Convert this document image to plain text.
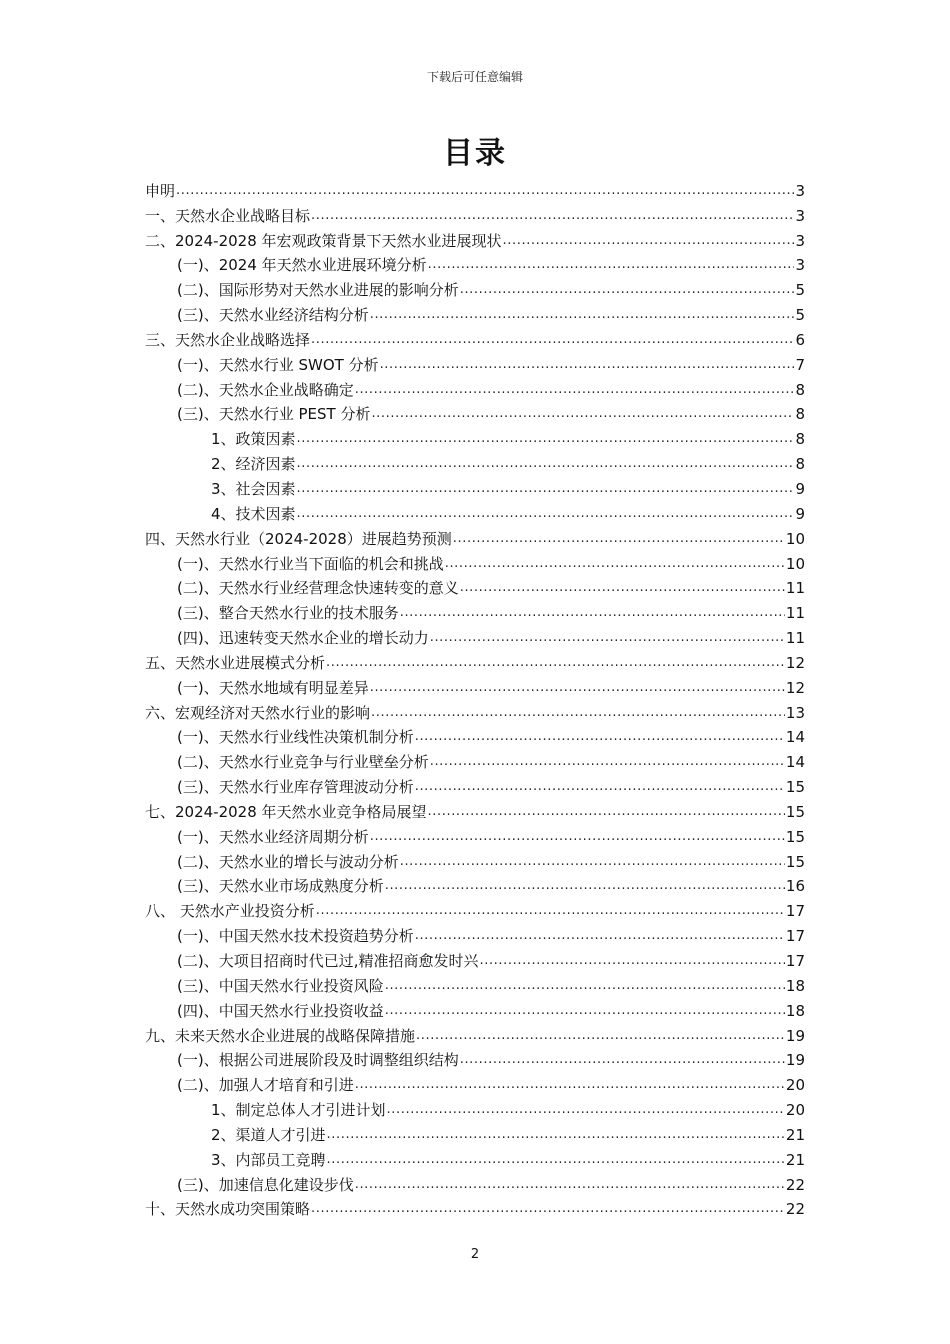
下载后可任意编辑
目录
申明 .....	3
一、天然水企业战略目标 .....	3
二、2024-2028 年宏观政策背景下天然水业进展现状 .....	3
(一)、2024 年天然水业进展环境分析 .....	3
(二)、国际形势对天然水业进展的影响分析 .....	5
(三)、天然水业经济结构分析 .....	5
三、天然水企业战略选择 .....	6
(一)、天然水行业 SWOT 分析 .....	7
(二)、天然水企业战略确定 .....	8
(三)、天然水行业 PEST 分析 .....	8
1、政策因素 .....	8
2、经济因素 .....	8
3、社会因素 .....	9
4、技术因素 .....	9
四、天然水行业（2024-2028）进展趋势预测 .....	10
(一)、天然水行业当下面临的机会和挑战 .....	10
(二)、天然水行业经营理念快速转变的意义 .....	11
(三)、整合天然水行业的技术服务 .....	11
(四)、迅速转变天然水企业的增长动力 .....	11
五、天然水业进展模式分析 .....	12
(一)、天然水地域有明显差异 .....	12
六、宏观经济对天然水行业的影响 .....	13
(一)、天然水行业线性决策机制分析 .....	14
(二)、天然水行业竞争与行业壁垒分析 .....	14
(三)、天然水行业库存管理波动分析 .....	15
七、2024-2028 年天然水业竞争格局展望 .....	15
(一)、天然水业经济周期分析 .....	15
(二)、天然水业的增长与波动分析 .....	15
(三)、天然水业市场成熟度分析 .....	16
八、 天然水产业投资分析 .....	17
(一)、中国天然水技术投资趋势分析 .....	17
(二)、大项目招商时代已过,精准招商愈发时兴 .....	17
(三)、中国天然水行业投资风险 .....	18
(四)、中国天然水行业投资收益 .....	18
九、未来天然水企业进展的战略保障措施 .....	19
(一)、根据公司进展阶段及时调整组织结构 .....	19
(二)、加强人才培育和引进 .....	20
1、制定总体人才引进计划 .....	20
2、渠道人才引进 .....	21
3、内部员工竞聘 .....	21
(三)、加速信息化建设步伐 .....	22
十、天然水成功突围策略 .....	22
2
